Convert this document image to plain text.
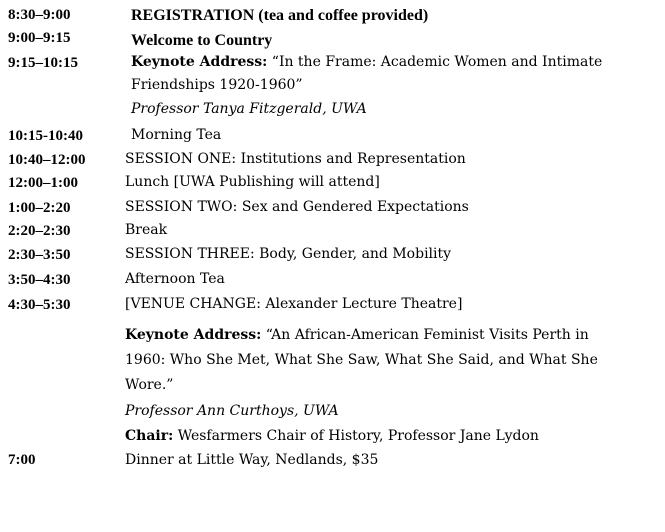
8:30–9:00	REGISTRATION (tea and coffee provided)
9:00–9:15	Welcome to Country
9:15–10:15	Keynote Address: “In the Frame: Academic Women and Intimate
Friendships 1920-1960”
Professor Tanya Fitzgerald, UWA
10:15-10:40	Morning Tea
10:40–12:00	SESSION ONE: Institutions and Representation
12:00–1:00	Lunch [UWA Publishing will attend]
1:00–2:20	SESSION TWO: Sex and Gendered Expectations
2:20–2:30	Break
2:30–3:50	SESSION THREE: Body, Gender, and Mobility
3:50–4:30	Afternoon Tea
4:30–5:30	[VENUE CHANGE: Alexander Lecture Theatre]
Keynote Address: “An African-American Feminist Visits Perth in
1960: Who She Met, What She Saw, What She Said, and What She
Wore.”
Professor Ann Curthoys, UWA
Chair: Wesfarmers Chair of History, Professor Jane Lydon
7:00	Dinner at Little Way, Nedlands, $35
